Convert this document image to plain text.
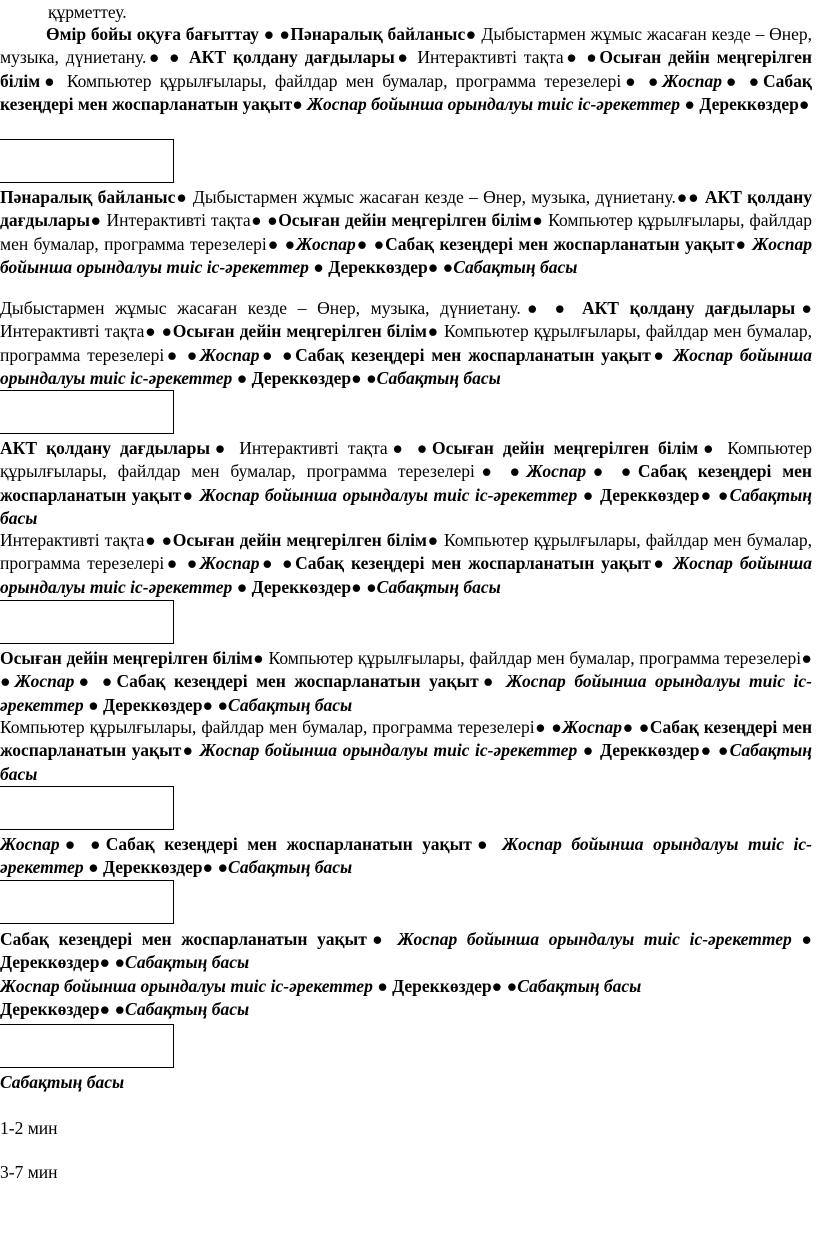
құрметтеу.

Өмір бойы оқуға бағыттау ● ●Пәнаралық байланыс● Дыбыстармен жұмыс жасаған кезде – Өнер, музыка, дүниетану.● ● АКТ қолдану дағдылары● Интерактивті тақта● ●Осыған дейін меңгерілген білім● Компьютер құрылғылары, файлдар мен бумалар, программа терезелері● ●Жоспар● ●Сабақ кезеңдері мен жоспарланатын уақыт● Жоспар бойынша орындалуы тиіс іс-әрекеттер ● Дереккөздер●

Пәнаралық байланыс● Дыбыстармен жұмыс жасаған кезде – Өнер, музыка, дүниетану.●● АКТ қолдану дағдылары● Интерактивті тақта● ●Осыған дейін меңгерілген білім● Компьютер құрылғылары, файлдар мен бумалар, программа терезелері● ●Жоспар● ●Сабақ кезеңдері мен жоспарланатын уақыт● Жоспар бойынша орындалуы тиіс іс-әрекеттер ● Дереккөздер● ●Сабақтың басы

Дыбыстармен жұмыс жасаған кезде – Өнер, музыка, дүниетану.● ● АКТ қолдану дағдылары● Интерактивті тақта● ●Осыған дейін меңгерілген білім● Компьютер құрылғылары, файлдар мен бумалар, программа терезелері● ●Жоспар● ●Сабақ кезеңдері мен жоспарланатын уақыт● Жоспар бойынша орындалуы тиіс іс-әрекеттер ● Дереккөздер● ●Сабақтың басы

АКТ қолдану дағдылары● Интерактивті тақта● ●Осыған дейін меңгерілген білім● Компьютер құрылғылары, файлдар мен бумалар, программа терезелері● ●Жоспар● ●Сабақ кезеңдері мен жоспарланатын уақыт● Жоспар бойынша орындалуы тиіс іс-әрекеттер ● Дереккөздер● ●Сабақтың басы

Интерактивті тақта● ●Осыған дейін меңгерілген білім● Компьютер құрылғылары, файлдар мен бумалар, программа терезелері● ●Жоспар● ●Сабақ кезеңдері мен жоспарланатын уақыт● Жоспар бойынша орындалуы тиіс іс-әрекеттер ● Дереккөздер● ●Сабақтың басы

Осыған дейін меңгерілген білім● Компьютер құрылғылары, файлдар мен бумалар, программа терезелері● ●Жоспар● ●Сабақ кезеңдері мен жоспарланатын уақыт● Жоспар бойынша орындалуы тиіс іс-әрекеттер ● Дереккөздер● ●Сабақтың басы

Компьютер құрылғылары, файлдар мен бумалар, программа терезелері● ●Жоспар● ●Сабақ кезеңдері мен жоспарланатын уақыт● Жоспар бойынша орындалуы тиіс іс-әрекеттер ● Дереккөздер● ●Сабақтың басы

Жоспар● ●Сабақ кезеңдері мен жоспарланатын уақыт● Жоспар бойынша орындалуы тиіс іс-әрекеттер ● Дереккөздер● ●Сабақтың басы

Сабақ кезеңдері мен жоспарланатын уақыт● Жоспар бойынша орындалуы тиіс іс-әрекеттер ● Дереккөздер● ●Сабақтың басы

Жоспар бойынша орындалуы тиіс іс-әрекеттер ● Дереккөздер● ●Сабақтың басы

Дереккөздер● ●Сабақтың басы

Сабақтың басы

1-2 мин

3-7 мин
